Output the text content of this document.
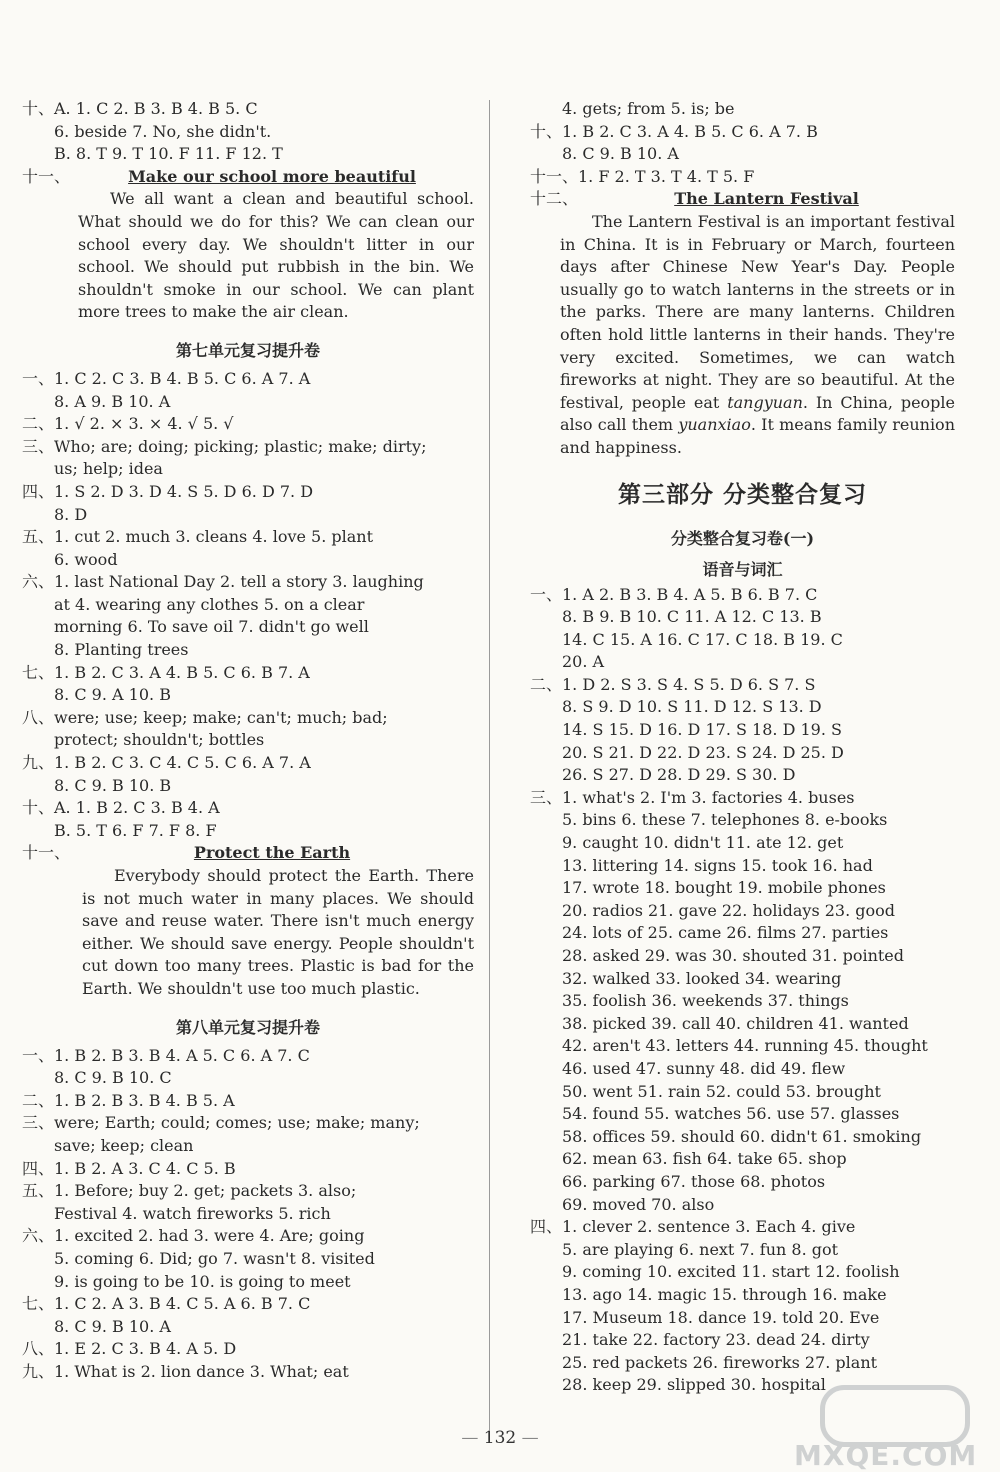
十、A. 1. C 2. B 3. B 4. B 5. C
6. beside 7. No, she didn't.
B. 8. T 9. T 10. F 11. F 12. T
十一、	Make our school more beautiful
We all want a clean and beautiful school. What should we do for this? We can clean our school every day. We shouldn't litter in our school. We should put rubbish in the bin. We shouldn't smoke in our school. We can plant more trees to make the air clean.
第七单元复习提升卷
一、1. C 2. C 3. B 4. B 5. C 6. A 7. A
8. A 9. B 10. A
二、1. √ 2. × 3. × 4. √ 5. √
三、Who; are; doing; picking; plastic; make; dirty;
us; help; idea
四、1. S 2. D 3. D 4. S 5. D 6. D 7. D
8. D
五、1. cut 2. much 3. cleans 4. love 5. plant
6. wood
六、1. last National Day 2. tell a story 3. laughing
at 4. wearing any clothes 5. on a clear
morning 6. To save oil 7. didn't go well
8. Planting trees
七、1. B 2. C 3. A 4. B 5. C 6. B 7. A
8. C 9. A 10. B
八、were; use; keep; make; can't; much; bad;
protect; shouldn't; bottles
九、1. B 2. C 3. C 4. C 5. C 6. A 7. A
8. C 9. B 10. B
十、A. 1. B 2. C 3. B 4. A
B. 5. T 6. F 7. F 8. F
十一、	Protect the Earth
Everybody should protect the Earth. There is not much water in many places. We should save and reuse water. There isn't much energy either. We should save energy. People shouldn't cut down too many trees. Plastic is bad for the Earth. We shouldn't use too much plastic.
第八单元复习提升卷
一、1. B 2. B 3. B 4. A 5. C 6. A 7. C
8. C 9. B 10. C
二、1. B 2. B 3. B 4. B 5. A
三、were; Earth; could; comes; use; make; many;
save; keep; clean
四、1. B 2. A 3. C 4. C 5. B
五、1. Before; buy 2. get; packets 3. also;
Festival 4. watch fireworks 5. rich
六、1. excited 2. had 3. were 4. Are; going
5. coming 6. Did; go 7. wasn't 8. visited
9. is going to be 10. is going to meet
七、1. C 2. A 3. B 4. C 5. A 6. B 7. C
8. C 9. B 10. A
八、1. E 2. C 3. B 4. A 5. D
九、1. What is 2. lion dance 3. What; eat
4. gets; from 5. is; be
十、1. B 2. C 3. A 4. B 5. C 6. A 7. B
8. C 9. B 10. A
十一、1. F 2. T 3. T 4. T 5. F
十二、	The Lantern Festival
The Lantern Festival is an important festival in China. It is in February or March, fourteen days after Chinese New Year's Day. People usually go to watch lanterns in the streets or in the parks. There are many lanterns. Children often hold little lanterns in their hands. They're very excited. Sometimes, we can watch fireworks at night. They are so beautiful. At the festival, people eat tangyuan. In China, people also call them yuanxiao. It means family reunion and happiness.
第三部分 分类整合复习
分类整合复习卷(一)
语音与词汇
一、1. A 2. B 3. B 4. A 5. B 6. B 7. C
8. B 9. B 10. C 11. A 12. C 13. B
14. C 15. A 16. C 17. C 18. B 19. C
20. A
二、1. D 2. S 3. S 4. S 5. D 6. S 7. S
8. S 9. D 10. S 11. D 12. S 13. D
14. S 15. D 16. D 17. S 18. D 19. S
20. S 21. D 22. D 23. S 24. D 25. D
26. S 27. D 28. D 29. S 30. D
三、1. what's 2. I'm 3. factories 4. buses
5. bins 6. these 7. telephones 8. e-books
9. caught 10. didn't 11. ate 12. get
13. littering 14. signs 15. took 16. had
17. wrote 18. bought 19. mobile phones
20. radios 21. gave 22. holidays 23. good
24. lots of 25. came 26. films 27. parties
28. asked 29. was 30. shouted 31. pointed
32. walked 33. looked 34. wearing
35. foolish 36. weekends 37. things
38. picked 39. call 40. children 41. wanted
42. aren't 43. letters 44. running 45. thought
46. used 47. sunny 48. did 49. flew
50. went 51. rain 52. could 53. brought
54. found 55. watches 56. use 57. glasses
58. offices 59. should 60. didn't 61. smoking
62. mean 63. fish 64. take 65. shop
66. parking 67. those 68. photos
69. moved 70. also
四、1. clever 2. sentence 3. Each 4. give
5. are playing 6. next 7. fun 8. got
9. coming 10. excited 11. start 12. foolish
13. ago 14. magic 15. through 16. make
17. Museum 18. dance 19. told 20. Eve
21. take 22. factory 23. dead 24. dirty
25. red packets 26. fireworks 27. plant
28. keep 29. slipped 30. hospital
— 132 —
MXQE.COM
